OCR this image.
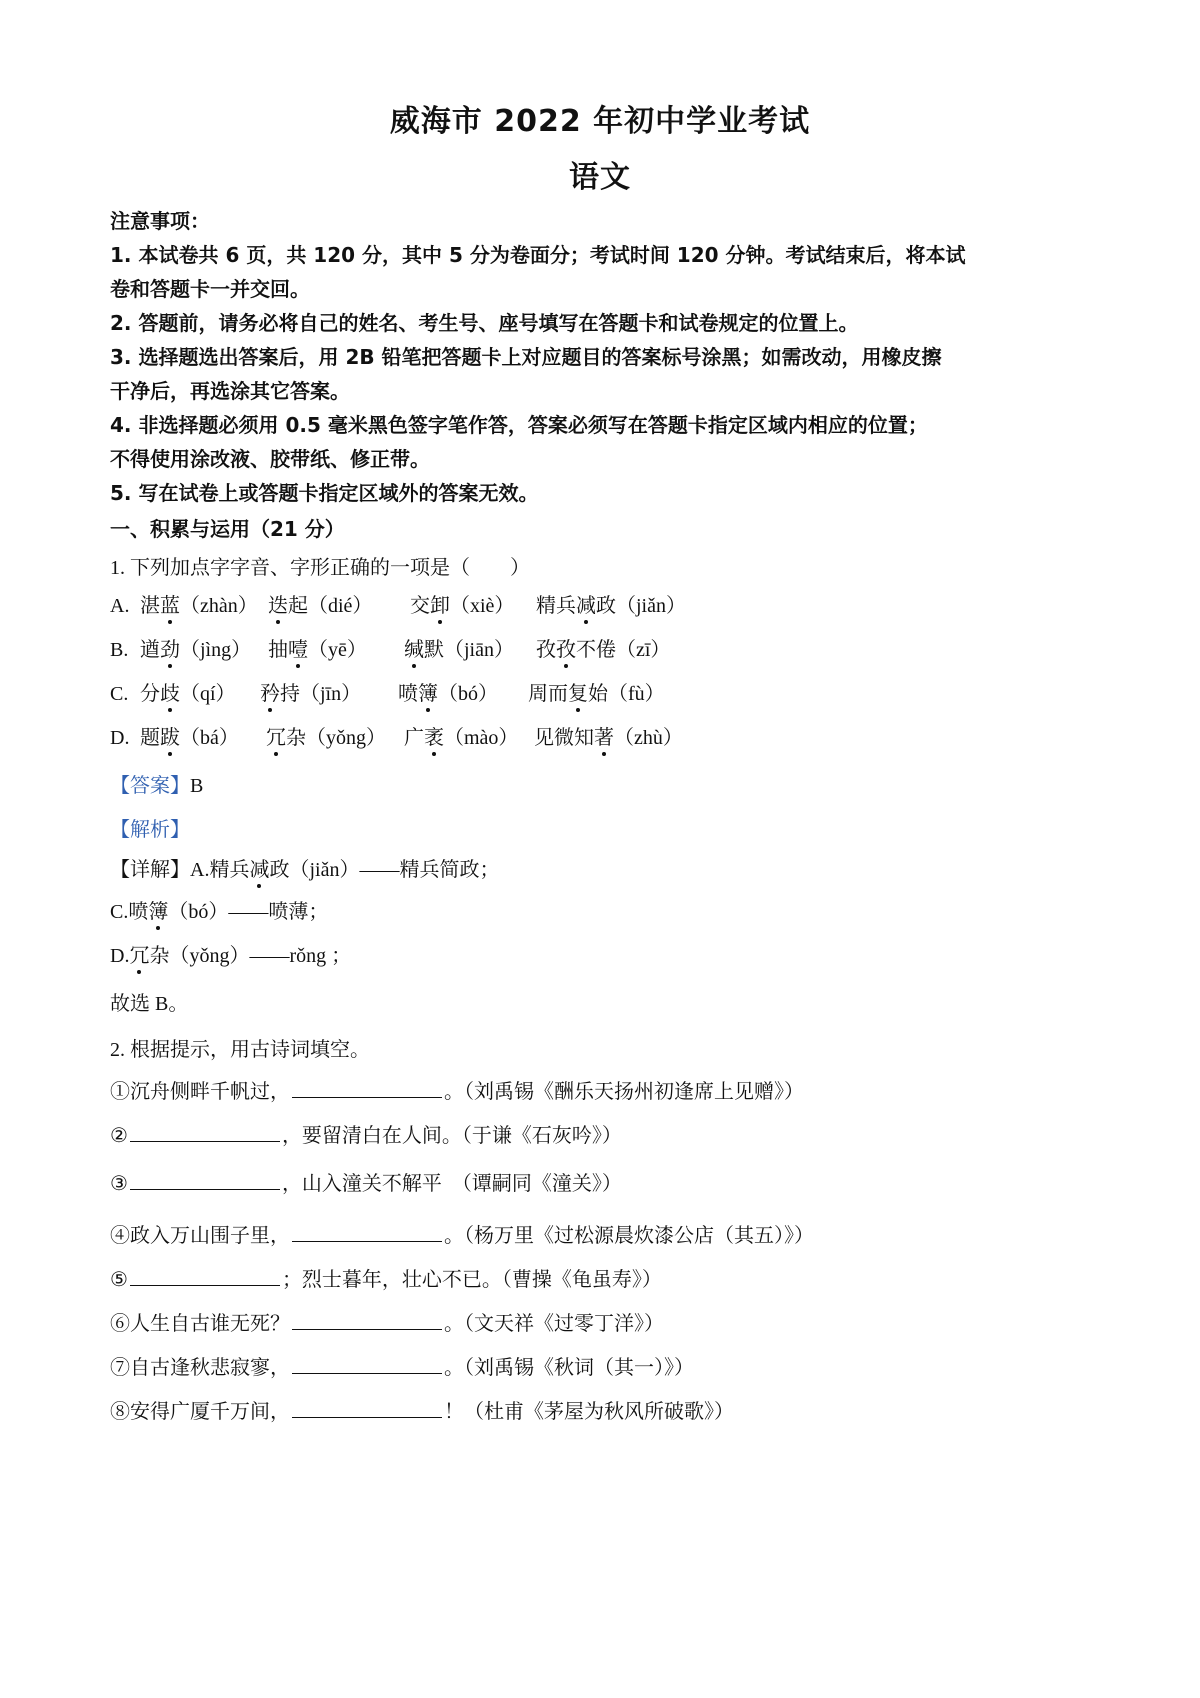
威海市 2022 年初中学业考试
语文
注意事项：
1. 本试卷共 6 页，共 120 分，其中 5 分为卷面分；考试时间 120 分钟。考试结束后，将本试
卷和答题卡一并交回。
2. 答题前，请务必将自己的姓名、考生号、座号填写在答题卡和试卷规定的位置上。
3. 选择题选出答案后，用 2B 铅笔把答题卡上对应题目的答案标号涂黑；如需改动，用橡皮擦
干净后，再选涂其它答案。
4. 非选择题必须用 0.5 毫米黑色签字笔作答，答案必须写在答题卡指定区域内相应的位置；
不得使用涂改液、胶带纸、修正带。
5. 写在试卷上或答题卡指定区域外的答案无效。
一、积累与运用（21 分）
1. 下列加点字字音、字形正确的一项是（　　）
A. 湛蓝（zhàn） 迭起（dié） 交卸（xiè） 精兵减政（jiǎn）
B. 遒劲（jìng） 抽噎（yē） 缄默（jiān） 孜孜不倦（zī）
C. 分歧（qí） 矜持（jīn） 喷簿（bó） 周而复始（fù）
D. 题跋（bá） 冗杂（yǒng） 广袤（mào） 见微知著（zhù）
【答案】B
【解析】
【详解】A.精兵减政（jiǎn）——精兵简政；
C.喷簿（bó）——喷薄；
D.冗杂（yǒng）——rǒng ；
故选 B。
2. 根据提示，用古诗词填空。
①沉舟侧畔千帆过，	。（刘禹锡《酬乐天扬州初逢席上见赠》）
②	，要留清白在人间。（于谦《石灰吟》）
③	，山入潼关不解平　（谭嗣同《潼关》）
④政入万山围子里，	。（杨万里《过松源晨炊漆公店（其五）》）
⑤	；烈士暮年，壮心不已。（曹操《龟虽寿》）
⑥人生自古谁无死？	。（文天祥《过零丁洋》）
⑦自古逢秋悲寂寥，	。（刘禹锡《秋词（其一）》）
⑧安得广厦千万间，	！（杜甫《茅屋为秋风所破歌》）
